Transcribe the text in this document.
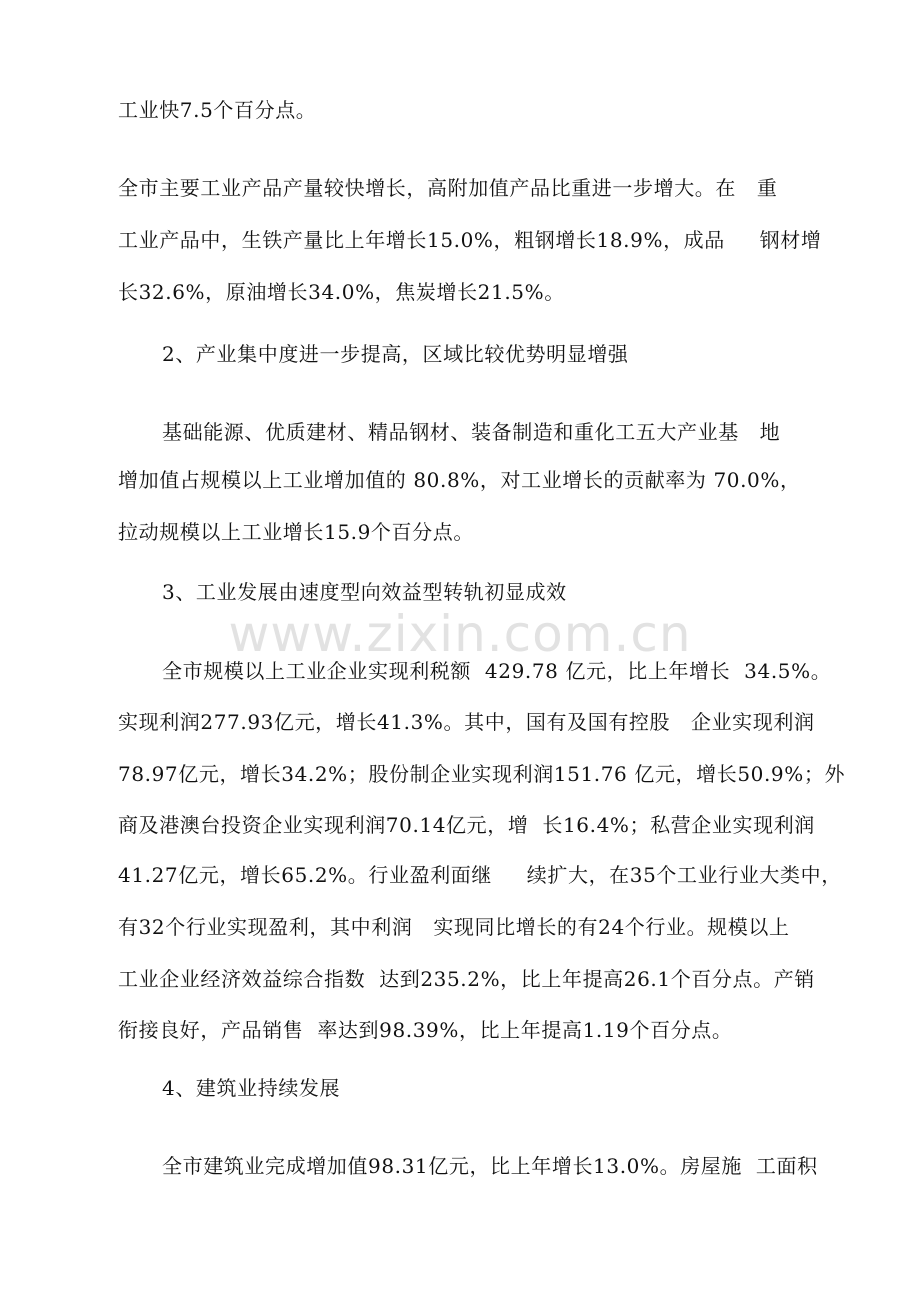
www.zixin.com.cn
工业快7.5个百分点。
全市主要工业产品产量较快增长，高附加值产品比重进一步增大。在   重
工业产品中，生铁产量比上年增长15.0%，粗钢增长18.9%，成品     钢材增
长32.6%，原油增长34.0%，焦炭增长21.5%。
2、产业集中度进一步提高，区域比较优势明显增强
基础能源、优质建材、精品钢材、装备制造和重化工五大产业基   地
增加值占规模以上工业增加值的 80.8%，对工业增长的贡献率为 70.0%，
拉动规模以上工业增长15.9个百分点。
3、工业发展由速度型向效益型转轨初显成效
全市规模以上工业企业实现利税额  429.78 亿元，比上年增长  34.5%。
实现利润277.93亿元，增长41.3%。其中，国有及国有控股   企业实现利润
78.97亿元，增长34.2%；股份制企业实现利润151.76 亿元，增长50.9%；外
商及港澳台投资企业实现利润70.14亿元，增  长16.4%；私营企业实现利润
41.27亿元，增长65.2%。行业盈利面继     续扩大，在35个工业行业大类中，
有32个行业实现盈利，其中利润   实现同比增长的有24个行业。规模以上
工业企业经济效益综合指数  达到235.2%，比上年提高26.1个百分点。产销
衔接良好，产品销售  率达到98.39%，比上年提高1.19个百分点。
4、建筑业持续发展
全市建筑业完成增加值98.31亿元，比上年增长13.0%。房屋施  工面积
